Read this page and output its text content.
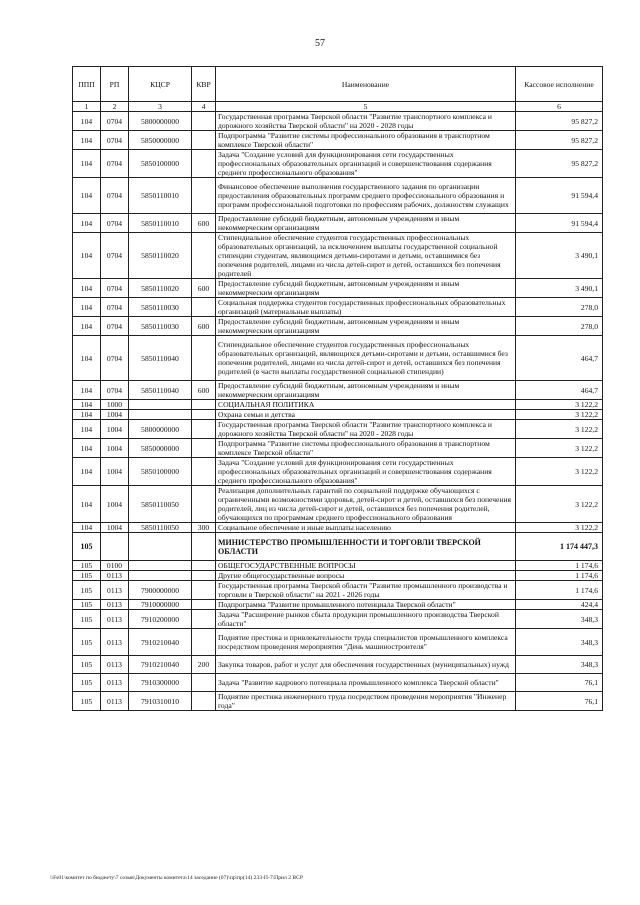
57
ППП	РП	КЦСР	КВР	Наименование	Кассовое исполнение
1	2	3	4	5	6
104	0704	5800000000		Государственная программа Тверской области "Развитие транспортного комплекса и дорожного хозяйства Тверской области" на 2020 - 2028 годы	95 827,2
104	0704	5850000000		Подпрограмма "Развитие системы профессионального образования в транспортном комплексе Тверской области"	95 827,2
104	0704	5850100000		Задача "Создание условий для функционирования сети государственных профессиональных образовательных организаций и совершенствования содержания среднего профессионального образования"	95 827,2
104	0704	5850110010		Финансовое обеспечение выполнения государственного задания по организации предоставления образовательных программ среднего профессионального образования и программ профессиональной подготовки по профессиям рабочих, должностям служащих	91 594,4
104	0704	5850110010	600	Предоставление субсидий бюджетным, автономным учреждениям и иным некоммерческим организациям	91 594,4
104	0704	5850110020		Стипендиальное обеспечение студентов государственных профессиональных образовательных организаций, за исключением выплаты государственной социальной стипендии студентам, являющимся детьми-сиротами и детьми, оставшимися без попечения родителей, лицами из числа детей-сирот и детей, оставшихся без попечения родителей	3 490,1
104	0704	5850110020	600	Предоставление субсидий бюджетным, автономным учреждениям и иным некоммерческим организациям	3 490,1
104	0704	5850110030		Социальная поддержка студентов государственных профессиональных образовательных организаций (материальные выплаты)	278,0
104	0704	5850110030	600	Предоставление субсидий бюджетным, автономным учреждениям и иным некоммерческим организациям	278,0
104	0704	5850110040		Стипендиальное обеспечение студентов государственных профессиональных образовательных организаций, являющихся детьми-сиротами и детьми, оставшимися без попечения родителей, лицами из числа детей-сирот и детей, оставшихся без попечения родителей (в части выплаты государственной социальной стипендии)	464,7
104	0704	5850110040	600	Предоставление субсидий бюджетным, автономным учреждениям и иным некоммерческим организациям	464,7
104	1000			СОЦИАЛЬНАЯ ПОЛИТИКА	3 122,2
104	1004			Охрана семьи и детства	3 122,2
104	1004	5800000000		Государственная программа Тверской области "Развитие транспортного комплекса и дорожного хозяйства Тверской области" на 2020 - 2028 годы	3 122,2
104	1004	5850000000		Подпрограмма "Развитие системы профессионального образования в транспортном комплексе Тверской области"	3 122,2
104	1004	5850100000		Задача "Создание условий для функционирования сети государственных профессиональных образовательных организаций и совершенствования содержания среднего профессионального образования"	3 122,2
104	1004	5850110050		Реализация дополнительных гарантий по социальной поддержке обучающихся с ограниченными возможностями здоровья, детей-сирот и детей, оставшихся без попечения родителей, лиц из числа детей-сирот и детей, оставшихся без попечения родителей, обучающихся по программам среднего профессионального образования	3 122,2
104	1004	5850110050	300	Социальное обеспечение и иные выплаты населению	3 122,2
105				МИНИСТЕРСТВО ПРОМЫШЛЕННОСТИ И ТОРГОВЛИ ТВЕРСКОЙ ОБЛАСТИ	1 174 447,3
105	0100			ОБЩЕГОСУДАРСТВЕННЫЕ ВОПРОСЫ	1 174,6
105	0113			Другие общегосударственные вопросы	1 174,6
105	0113	7900000000		Государственная программа Тверской области "Развитие промышленного производства и торговли в Тверской области" на 2021 - 2026 годы	1 174,6
105	0113	7910000000		Подпрограмма "Развитие промышленного потенциала Тверской области"	424,4
105	0113	7910200000		Задача "Расширение рынков сбыта продукции промышленного производства Тверской области"	348,3
105	0113	7910210040		Поднятие престижа и привлекательности труда специалистов промышленного комплекса посредством проведения мероприятия "День машиностроителя"	348,3
105	0113	7910210040	200	Закупка товаров, работ и услуг для обеспечения государственных (муниципальных) нужд	348,3
105	0113	7910300000		Задача "Развитие кадрового потенциала промышленного комплекса Тверской области"	76,1
105	0113	7910310010		Поднятие престижа инженерного труда посредством проведения мероприятия "Инженер года"	76,1
\\Fs01\комитет по бюджету\7 созыв\Документы комитета\14 заседание (07)\пр\пр(14) 233-П-7\Прил 2 ВСР
